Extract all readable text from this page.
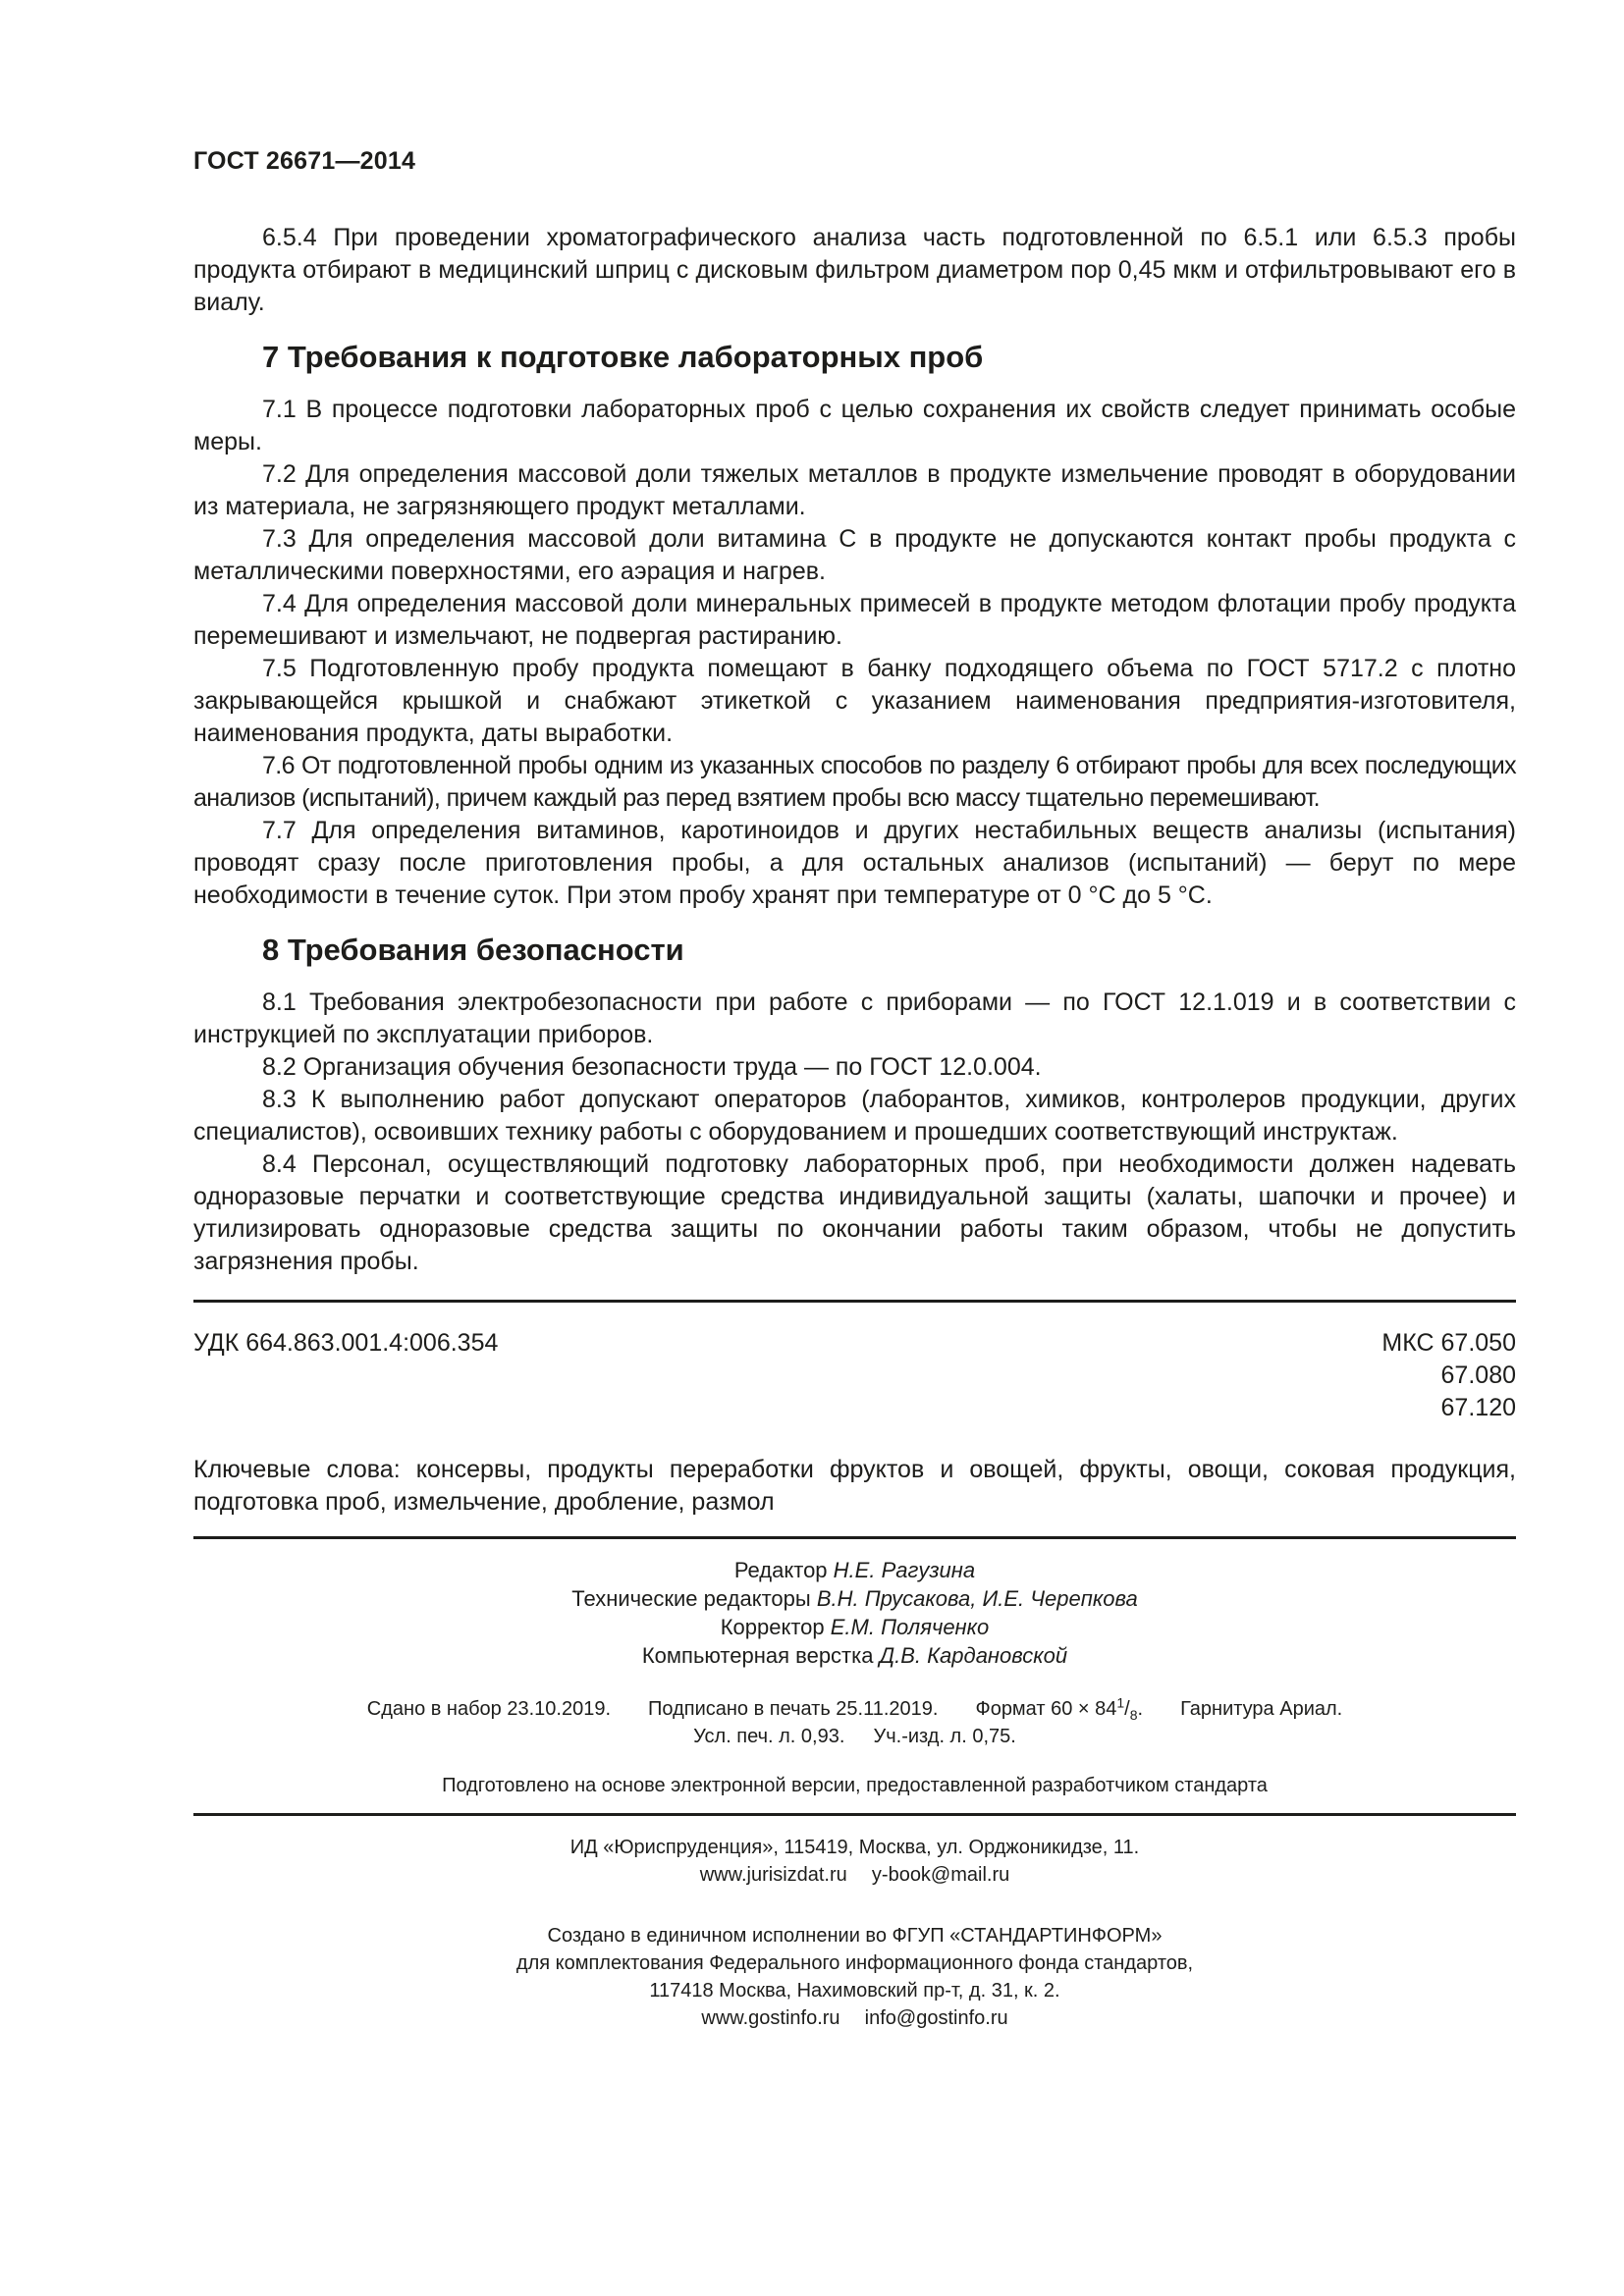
ГОСТ 26671—2014

6.5.4 При проведении хроматографического анализа часть подготовленной по 6.5.1 или 6.5.3 пробы продукта отбирают в медицинский шприц с дисковым фильтром диаметром пор 0,45 мкм и отфильтровывают его в виалу.

7 Требования к подготовке лабораторных проб

7.1 В процессе подготовки лабораторных проб с целью сохранения их свойств следует принимать особые меры.

7.2 Для определения массовой доли тяжелых металлов в продукте измельчение проводят в оборудовании из материала, не загрязняющего продукт металлами.

7.3 Для определения массовой доли витамина С в продукте не допускаются контакт пробы продукта с металлическими поверхностями, его аэрация и нагрев.

7.4 Для определения массовой доли минеральных примесей в продукте методом флотации пробу продукта перемешивают и измельчают, не подвергая растиранию.

7.5 Подготовленную пробу продукта помещают в банку подходящего объема по ГОСТ 5717.2 с плотно закрывающейся крышкой и снабжают этикеткой с указанием наименования предприятия-изготовителя, наименования продукта, даты выработки.

7.6 От подготовленной пробы одним из указанных способов по разделу 6 отбирают пробы для всех последующих анализов (испытаний), причем каждый раз перед взятием пробы всю массу тщательно перемешивают.

7.7 Для определения витаминов, каротиноидов и других нестабильных веществ анализы (испытания) проводят сразу после приготовления пробы, а для остальных анализов (испытаний) — берут по мере необходимости в течение суток. При этом пробу хранят при температуре от 0 °С до 5 °С.

8 Требования безопасности

8.1 Требования электробезопасности при работе с приборами — по ГОСТ 12.1.019 и в соответствии с инструкцией по эксплуатации приборов.

8.2 Организация обучения безопасности труда — по ГОСТ 12.0.004.

8.3 К выполнению работ допускают операторов (лаборантов, химиков, контролеров продукции, других специалистов), освоивших технику работы с оборудованием и прошедших соответствующий инструктаж.

8.4 Персонал, осуществляющий подготовку лабораторных проб, при необходимости должен надевать одноразовые перчатки и соответствующие средства индивидуальной защиты (халаты, шапочки и прочее) и утилизировать одноразовые средства защиты по окончании работы таким образом, чтобы не допустить загрязнения пробы.

УДК 664.863.001.4:006.354	МКС 67.050
67.080
67.120

Ключевые слова: консервы, продукты переработки фруктов и овощей, фрукты, овощи, соковая продукция, подготовка проб, измельчение, дробление, размол

Редактор Н.Е. Рагузина
Технические редакторы В.Н. Прусакова, И.Е. Черепкова
Корректор Е.М. Поляченко
Компьютерная верстка Д.В. Кардановской
Сдано в набор 23.10.2019. Подписано в печать 25.11.2019. Формат $60 \times 84^1/_8$. Гарнитура Ариал.
Усл. печ. л. 0,93. Уч.-изд. л. 0,75.
Подготовлено на основе электронной версии, предоставленной разработчиком стандарта
ИД «Юриспруденция», 115419, Москва, ул. Орджоникидзе, 11.
www.jurisizdat.ru y-book@mail.ru
Создано в единичном исполнении во ФГУП «СТАНДАРТИНФОРМ»
для комплектования Федерального информационного фонда стандартов,
117418 Москва, Нахимовский пр-т, д. 31, к. 2.
www.gostinfo.ru info@gostinfo.ru
